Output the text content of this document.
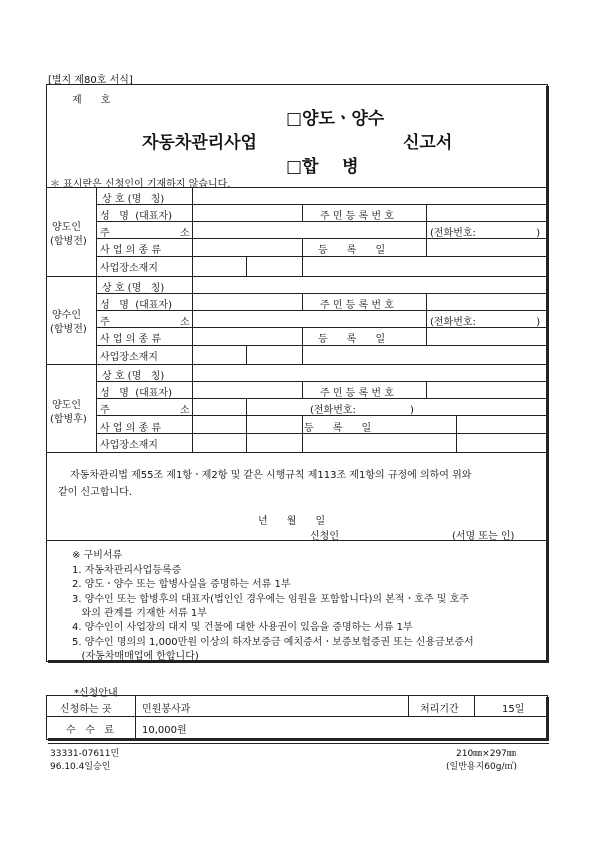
[별지 제80호 서식]
제      호
□양도ㆍ양수
자동차관리사업	신고서
□합    병
＊ 표시란은 신청인이 기재하지 않습니다.
양도인
(합병전)
상 호 (명   칭)
성   명  (대표자)	주 민 등 록 번 호
주	소	(전화번호:                   )
사 업 의 종 류	등      록      일
사업장소재지
양수인
(합병전)
상 호 (명   칭)
성   명  (대표자)	주 민 등 록 번 호
주	소	(전화번호:                   )
사 업 의 종 류	등      록      일
사업장소재지
양도인
(합병후)
상 호 (명   칭)
성   명  (대표자)	주 민 등 록 번 호
주	소	(전화번호:                 )
사 업 의 종 류	등      록      일
사업장소재지
자동차관리법 제55조 제1항ㆍ제2항 및 같은 시행규칙 제113조 제1항의 규정에 의하여 위와
같이 신고합니다.
년      월      일
신청인	(서명 또는 인)
※ 구비서류
1. 자동차관리사업등록증
2. 양도ㆍ양수 또는 합병사실을 증명하는 서류 1부
3. 양수인 또는 합병후의 대표자(법인인 경우에는 임원을 포함합니다)의 본적ㆍ호주 및 호주
와의 관계를 기재한 서류 1부
4. 양수인이 사업장의 대지 및 건물에 대한 사용권이 있음을 증명하는 서류 1부
5. 양수인 명의의 1,000만원 이상의 하자보증금 예치증서ㆍ보증보험증권 또는 신용금보증서
(자동차매매업에 한합니다)
*신청안내
신청하는 곳	민원봉사과	처리기간	15일
수   수   료	10,000원
33331-07611민
96.10.4일승인
210㎜×297㎜
(일반용지60g/㎡)
